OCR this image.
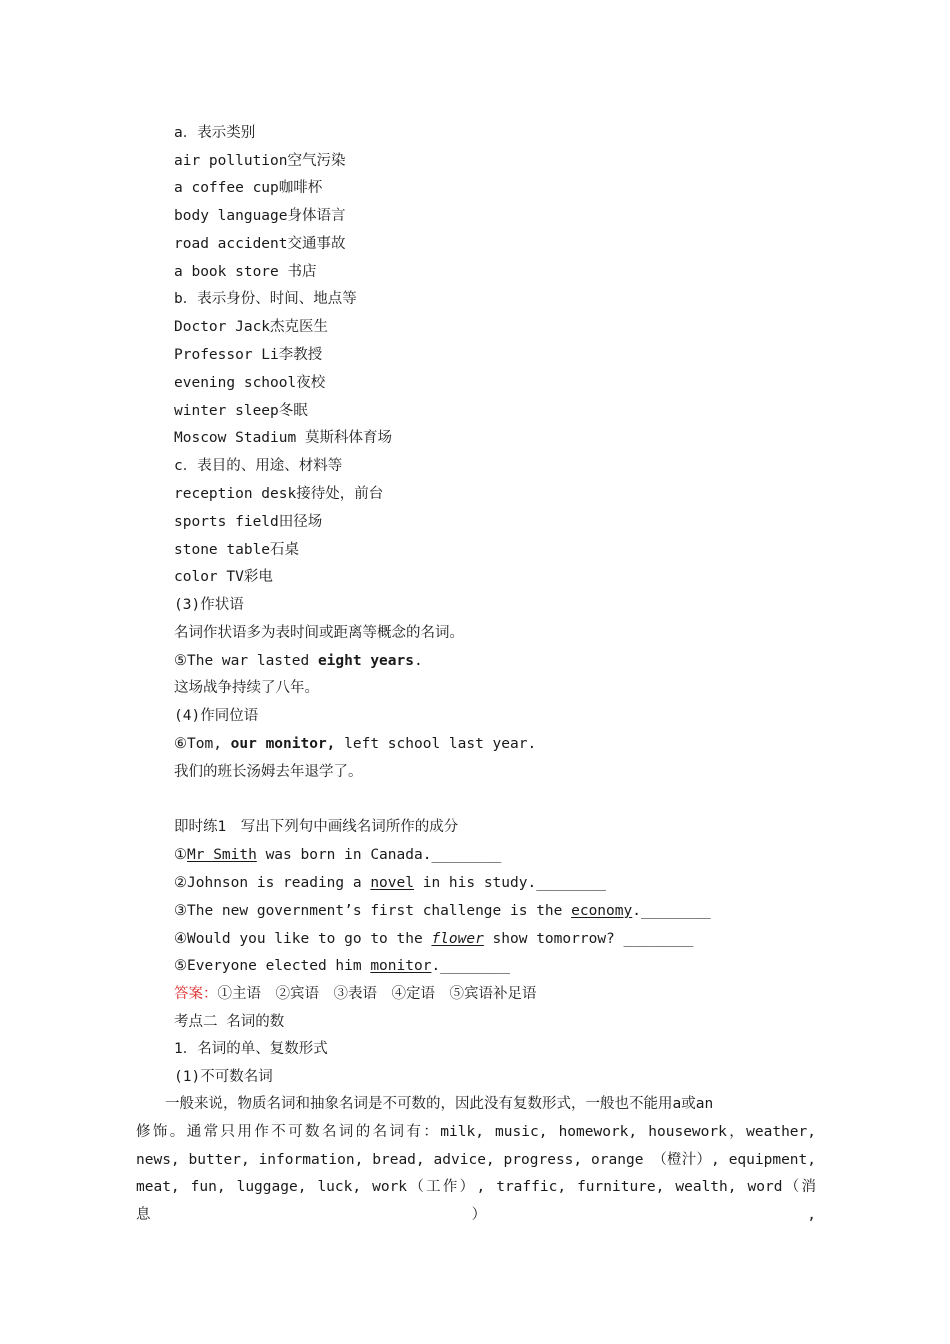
a．表示类别
air pollution空气污染
a coffee cup咖啡杯
body language身体语言
road accident交通事故
a book store 书店
b．表示身份、时间、地点等
Doctor Jack杰克医生
Professor Li李教授
evening school夜校
winter sleep冬眠
Moscow Stadium 莫斯科体育场
c．表目的、用途、材料等
reception desk接待处，前台
sports field田径场
stone table石桌
color TV彩电
(3)作状语
名词作状语多为表时间或距离等概念的名词。
⑤The war lasted eight years.
这场战争持续了八年。
(4)作同位语
⑥Tom, our monitor, left school last year.
我们的班长汤姆去年退学了。
即时练1　写出下列句中画线名词所作的成分
①Mr Smith was born in Canada.________
②Johnson is reading a novel in his study.________
③The new government’s first challenge is the economy.________
④Would you like to go to the flower show tomorrow? ________
⑤Everyone elected him monitor.________
答案：①主语　②宾语　③表语　④定语　⑤宾语补足语
考点二 名词的数
1．名词的单、复数形式
(1)不可数名词

　　一般来说，物质名词和抽象名词是不可数的，因此没有复数形式，一般也不能用a或an

修饰。通常只用作不可数名词的名词有：milk, music, homework, housework，weather,

news, butter, information, bread, advice, progress, orange （橙汁）, equipment,

meat, fun, luggage, luck, work（工作）, traffic, furniture, wealth, word（消息）,
